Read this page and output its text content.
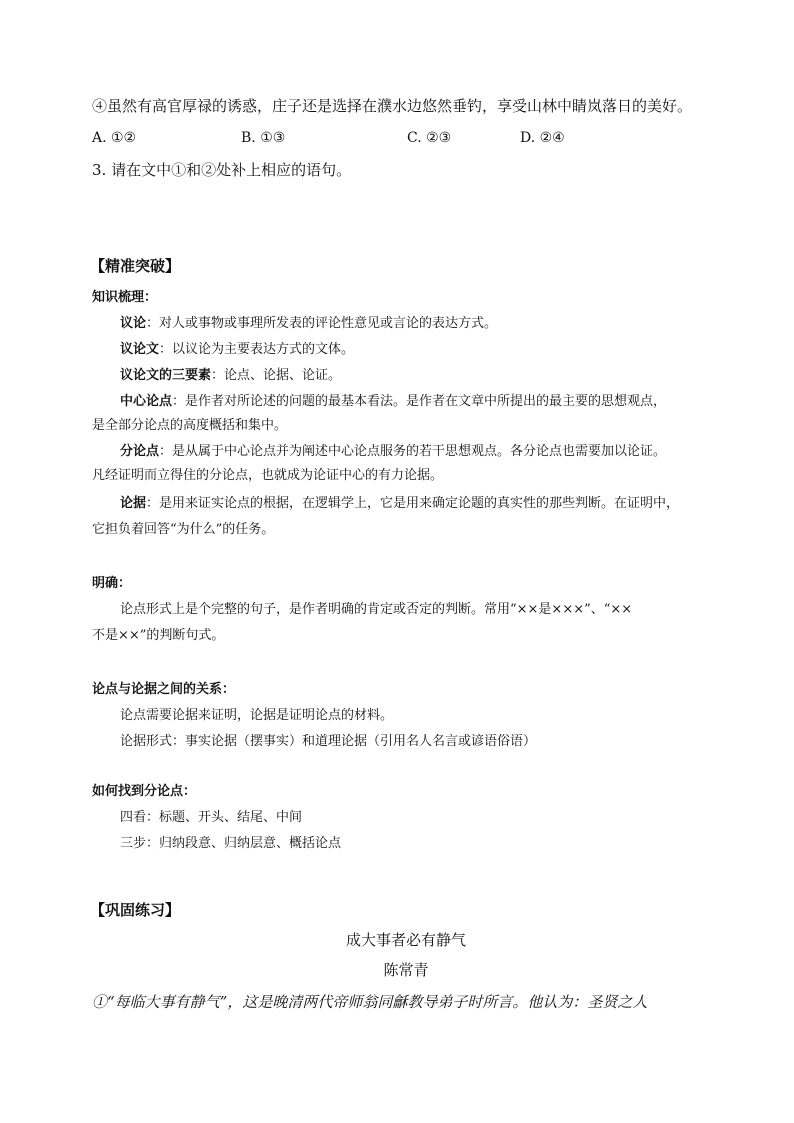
④虽然有高官厚禄的诱惑，庄子还是选择在濮水边悠然垂钓，享受山林中睛岚落日的美好。
A. ①②	B. ①③	C. ②③	D. ②④
3. 请在文中①和②处补上相应的语句。
【精准突破】
知识梳理：
议论：对人或事物或事理所发表的评论性意见或言论的表达方式。
议论文：以议论为主要表达方式的文体。
议论文的三要素：论点、论据、论证。
中心论点：是作者对所论述的问题的最基本看法。是作者在文章中所提出的最主要的思想观点，
是全部分论点的高度概括和集中。
分论点：是从属于中心论点并为阐述中心论点服务的若干思想观点。各分论点也需要加以论证。
凡经证明而立得住的分论点，也就成为论证中心的有力论据。
论据：是用来证实论点的根据，在逻辑学上，它是用来确定论题的真实性的那些判断。在证明中，
它担负着回答“为什么”的任务。
明确：
论点形式上是个完整的句子，是作者明确的肯定或否定的判断。常用“××是×××”、“××
不是××”的判断句式。
论点与论据之间的关系：
论点需要论据来证明，论据是证明论点的材料。
论据形式：事实论据（摆事实）和道理论据（引用名人名言或谚语俗语）
如何找到分论点：
四看：标题、开头、结尾、中间
三步：归纳段意、归纳层意、概括论点
【巩固练习】
成大事者必有静气
陈常青
①“每临大事有静气”，这是晚清两代帝师翁同龢教导弟子时所言。他认为：圣贤之人
